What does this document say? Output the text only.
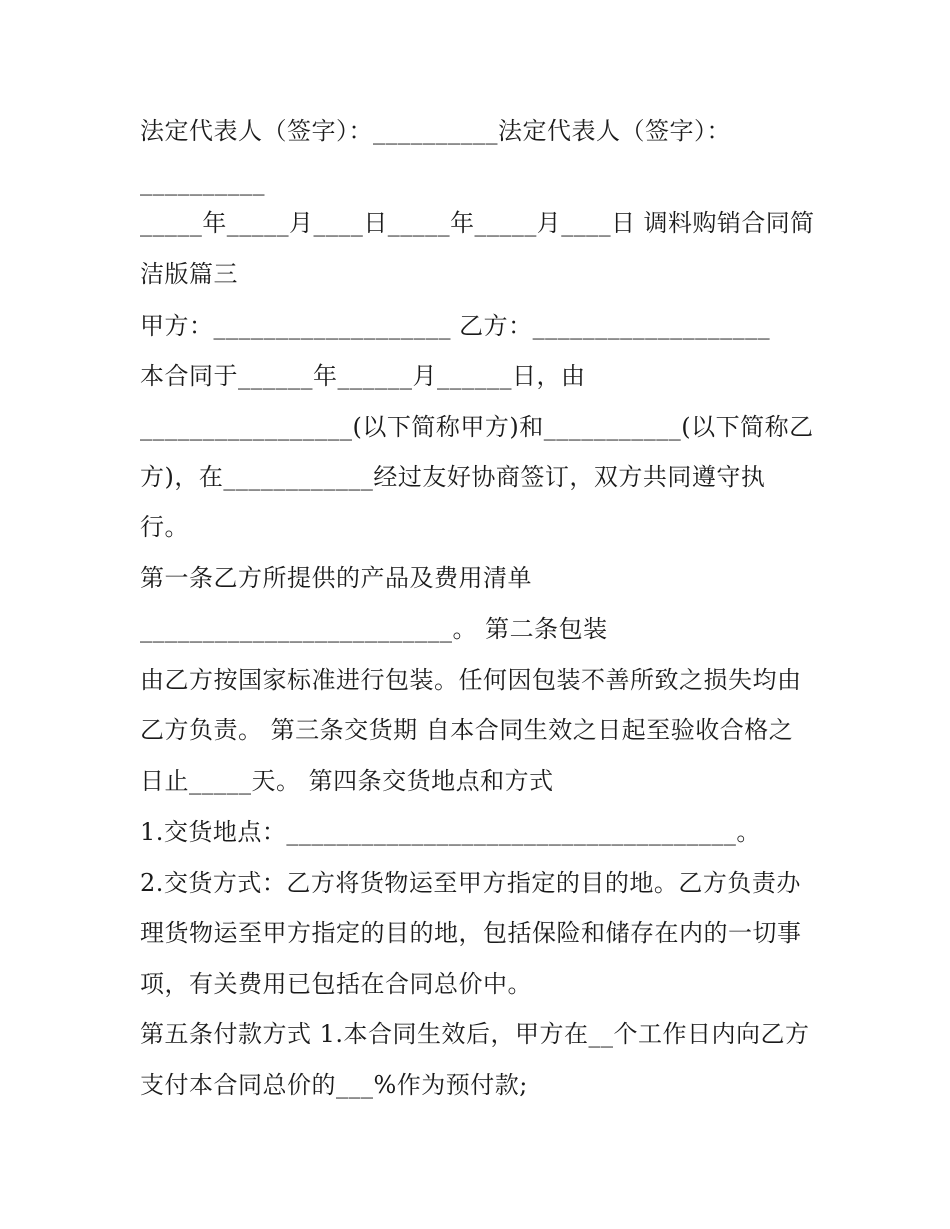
法定代表人（签字）：__________法定代表人（签字）：
__________
_____年_____月____日_____年_____月____日 调料购销合同简
洁版篇三
甲方：___________________ 乙方：___________________
本合同于______年______月______日，由
_________________(以下简称甲方)和___________(以下简称乙
方)，在____________经过友好协商签订，双方共同遵守执
行。
第一条乙方所提供的产品及费用清单
_________________________。 第二条包装
由乙方按国家标准进行包装。任何因包装不善所致之损失均由
乙方负责。 第三条交货期 自本合同生效之日起至验收合格之
日止_____天。 第四条交货地点和方式
1.交货地点：____________________________________。
2.交货方式：乙方将货物运至甲方指定的目的地。乙方负责办
理货物运至甲方指定的目的地，包括保险和储存在内的一切事
项，有关费用已包括在合同总价中。
第五条付款方式 1.本合同生效后，甲方在__个工作日内向乙方
支付本合同总价的___%作为预付款;
